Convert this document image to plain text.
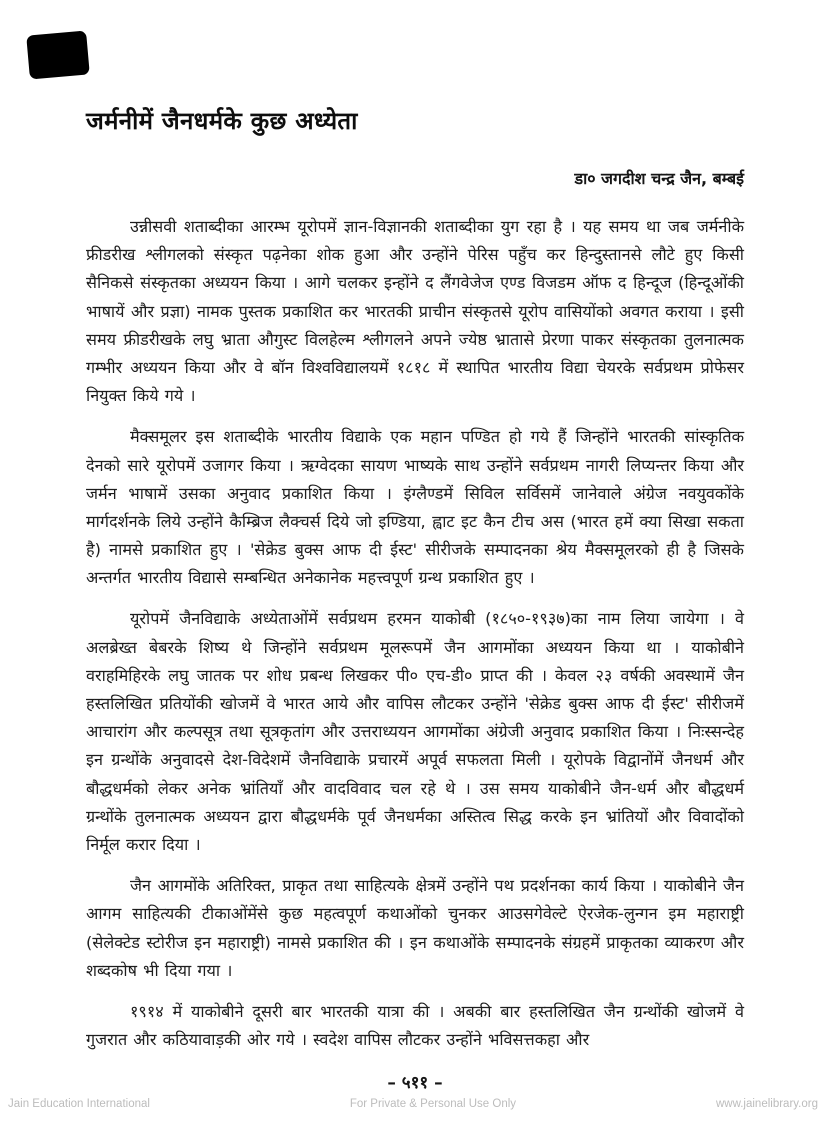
जर्मनीमें जैनधर्मके कुछ अध्येता
डा० जगदीश चन्द्र जैन, बम्बई

उन्नीसवी शताब्दीका आरम्भ यूरोपमें ज्ञान-विज्ञानकी शताब्दीका युग रहा है । यह समय था जब जर्मनीके फ्रीडरीख श्लीगलको संस्कृत पढ़नेका शोक हुआ और उन्होंने पेरिस पहुँच कर हिन्दुस्तानसे लौटे हुए किसी सैनिकसे संस्कृतका अध्ययन किया । आगे चलकर इन्होंने द लैंगवेजेज एण्ड विजडम ऑफ द हिन्दूज (हिन्दूओंकी भाषायें और प्रज्ञा) नामक पुस्तक प्रकाशित कर भारतकी प्राचीन संस्कृतसे यूरोप वासियोंको अवगत कराया । इसी समय फ्रीडरीखके लघु भ्राता औगुस्ट विलहेल्म श्लीगलने अपने ज्येष्ठ भ्रातासे प्रेरणा पाकर संस्कृतका तुलनात्मक गम्भीर अध्ययन किया और वे बॉन विश्वविद्यालयमें १८१८ में स्थापित भारतीय विद्या चेयरके सर्वप्रथम प्रोफेसर नियुक्त किये गये ।

मैक्समूलर इस शताब्दीके भारतीय विद्याके एक महान पण्डित हो गये हैं जिन्होंने भारतकी सांस्कृतिक देनको सारे यूरोपमें उजागर किया । ऋग्वेदका सायण भाष्यके साथ उन्होंने सर्वप्रथम नागरी लिप्यन्तर किया और जर्मन भाषामें उसका अनुवाद प्रकाशित किया । इंग्लैण्डमें सिविल सर्विसमें जानेवाले अंग्रेज नवयुवकोंके मार्गदर्शनके लिये उन्होंने कैम्ब्रिज लैक्चर्स दिये जो इण्डिया, ह्वाट इट कैन टीच अस (भारत हमें क्या सिखा सकता है) नामसे प्रकाशित हुए । 'सेक्रेड बुक्स आफ दी ईस्ट' सीरीजके सम्पादनका श्रेय मैक्समूलरको ही है जिसके अन्तर्गत भारतीय विद्यासे सम्बन्धित अनेकानेक महत्त्वपूर्ण ग्रन्थ प्रकाशित हुए ।

यूरोपमें जैनविद्याके अध्येताओंमें सर्वप्रथम हरमन याकोबी (१८५०-१९३७)का नाम लिया जायेगा । वे अलब्रेख्त बेबरके शिष्य थे जिन्होंने सर्वप्रथम मूलरूपमें जैन आगमोंका अध्ययन किया था । याकोबीने वराहमिहिरके लघु जातक पर शोध प्रबन्ध लिखकर पी० एच-डी० प्राप्त की । केवल २३ वर्षकी अवस्थामें जैन हस्तलिखित प्रतियोंकी खोजमें वे भारत आये और वापिस लौटकर उन्होंने 'सेक्रेड बुक्स आफ दी ईस्ट' सीरीजमें आचारांग और कल्पसूत्र तथा सूत्रकृतांग और उत्तराध्ययन आगमोंका अंग्रेजी अनुवाद प्रकाशित किया । निःस्सन्देह इन ग्रन्थोंके अनुवादसे देश-विदेशमें जैनविद्याके प्रचारमें अपूर्व सफलता मिली । यूरोपके विद्वानोंमें जैनधर्म और बौद्धधर्मको लेकर अनेक भ्रांतियाँ और वादविवाद चल रहे थे । उस समय याकोबीने जैन-धर्म और बौद्धधर्म ग्रन्थोंके तुलनात्मक अध्ययन द्वारा बौद्धधर्मके पूर्व जैनधर्मका अस्तित्व सिद्ध करके इन भ्रांतियों और विवादोंको निर्मूल करार दिया ।

जैन आगमोंके अतिरिक्त, प्राकृत तथा साहित्यके क्षेत्रमें उन्होंने पथ प्रदर्शनका कार्य किया । याकोबीने जैन आगम साहित्यकी टीकाओंमेंसे कुछ महत्वपूर्ण कथाओंको चुनकर आउसगेवेल्टे ऐरजेक-लुन्गन इम महाराष्ट्री (सेलेक्टेड स्टोरीज इन महाराष्ट्री) नामसे प्रकाशित की । इन कथाओंके सम्पादनके संग्रहमें प्राकृतका व्याकरण और शब्दकोष भी दिया गया ।

१९१४ में याकोबीने दूसरी बार भारतकी यात्रा की । अबकी बार हस्तलिखित जैन ग्रन्थोंकी खोजमें वे गुजरात और कठियावाड़की ओर गये । स्वदेश वापिस लौटकर उन्होंने भविसत्तकहा और

– ५११ –
Jain Education International	For Private & Personal Use Only	www.jainelibrary.org
